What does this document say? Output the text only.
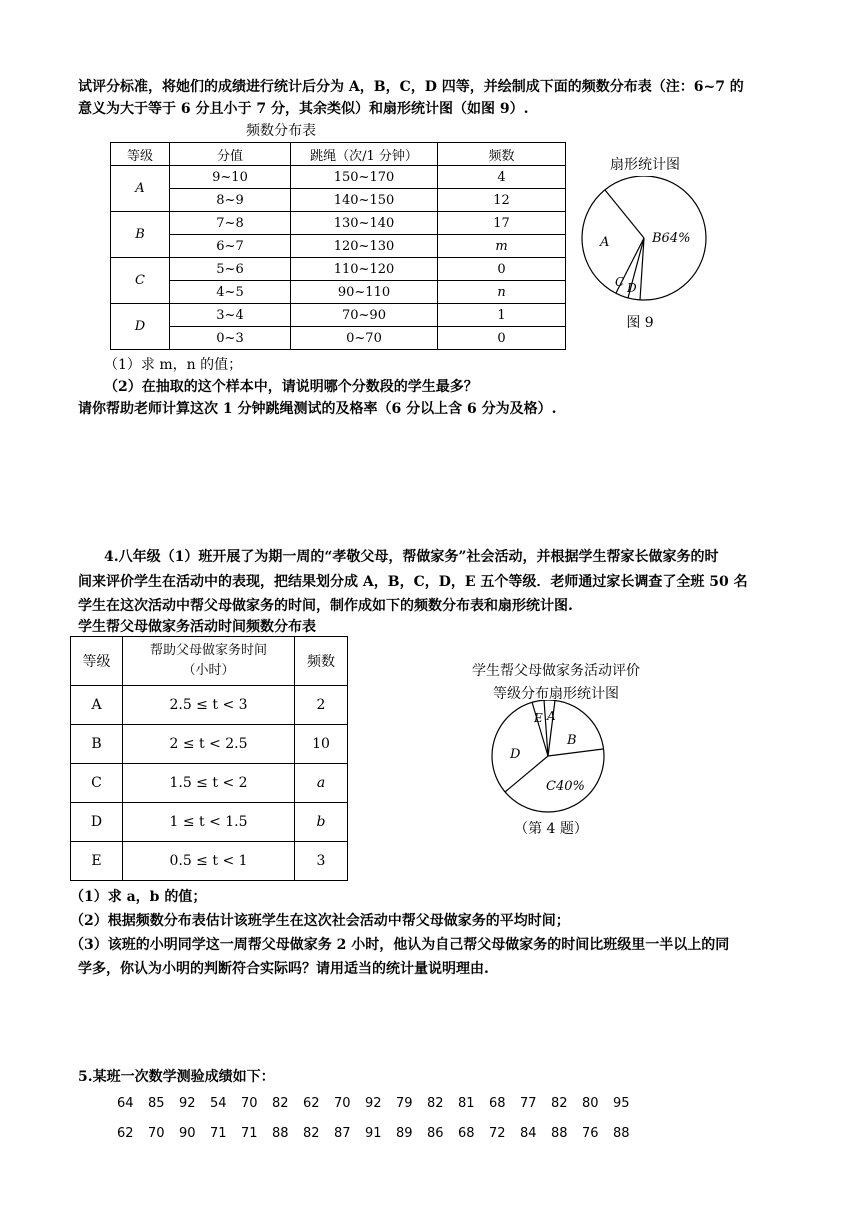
试评分标准，将她们的成绩进行统计后分为 A，B，C，D 四等，并绘制成下面的频数分布表（注：6~7 的
意义为大于等于 6 分且小于 7 分，其余类似）和扇形统计图（如图 9）.
频数分布表
等级	分值	跳绳（次/1 分钟）	频数
A	9~10	150~170	4
	8~9	140~150	12
B	7~8	130~140	17
	6~7	120~130	m
C	5~6	110~120	0
	4~5	90~110	n
D	3~4	70~90	1
	0~3	0~70	0
扇形统计图
B64%
A
C D
图 9
（1）求 m，n 的值；
（2）在抽取的这个样本中，请说明哪个分数段的学生最多？
请你帮助老师计算这次 1 分钟跳绳测试的及格率（6 分以上含 6 分为及格）.
4.八年级（1）班开展了为期一周的“孝敬父母，帮做家务”社会活动，并根据学生帮家长做家务的时
间来评价学生在活动中的表现，把结果划分成 A，B，C，D，E 五个等级．老师通过家长调查了全班 50 名
学生在这次活动中帮父母做家务的时间，制作成如下的频数分布表和扇形统计图.
学生帮父母做家务活动时间频数分布表
等级	帮助父母做家务时间
（小时）	频数
A	2.5 ≤ t < 3	2
B	2 ≤ t < 2.5	10
C	1.5 ≤ t < 2	a
D	1 ≤ t < 1.5	b
E	0.5 ≤ t < 1	3
学生帮父母做家务活动评价
等级分布扇形统计图
E A
B
D
C40%
（第 4 题）
（1）求 a，b 的值；
（2）根据频数分布表估计该班学生在这次社会活动中帮父母做家务的平均时间；
（3）该班的小明同学这一周帮父母做家务 2 小时，他认为自己帮父母做家务的时间比班级里一半以上的同
学多，你认为小明的判断符合实际吗？请用适当的统计量说明理由.
5.某班一次数学测验成绩如下：
64 85 92 54 70 82 62 70 92 79 82 81 68 77 82 80 95
62 70 90 71 71 88 82 87 91 89 86 68 72 84 88 76 88
